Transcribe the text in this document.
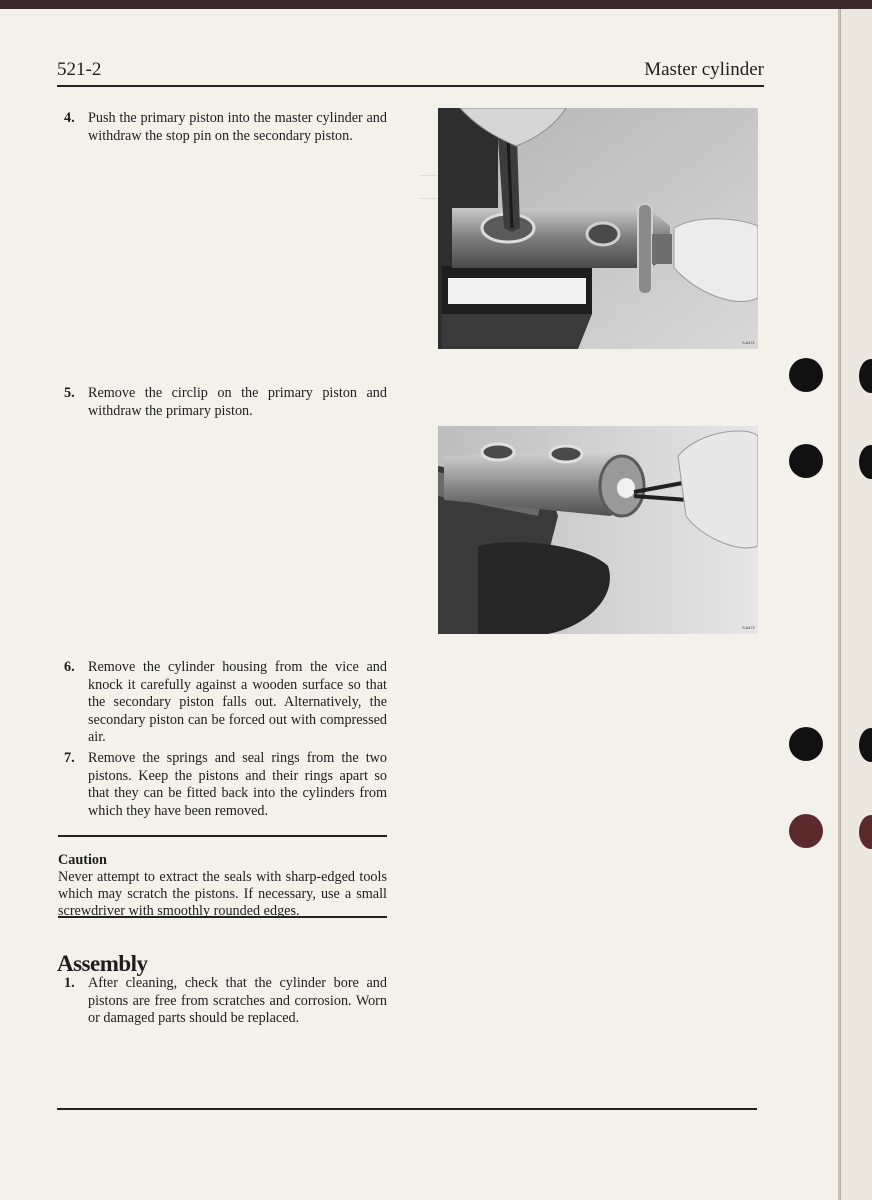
521-2	Master cylinder
4. Push the primary piston into the master cylinder and withdraw the stop pin on the secondary piston.
5. Remove the circlip on the primary piston and withdraw the primary piston.
6. Remove the cylinder housing from the vice and knock it carefully against a wooden surface so that the secondary piston falls out. Alternatively, the secondary piston can be forced out with compressed air.
7. Remove the springs and seal rings from the two pistons. Keep the pistons and their rings apart so that they can be fitted back into the cylinders from which they have been removed.
Caution
Never attempt to extract the seals with sharp-edged tools which may scratch the pistons. If necessary, use a small screwdriver with smoothly rounded edges.
Assembly
1. After cleaning, check that the cylinder bore and pistons are free from scratches and corrosion. Worn or damaged parts should be replaced.
S-6471
S-6472
